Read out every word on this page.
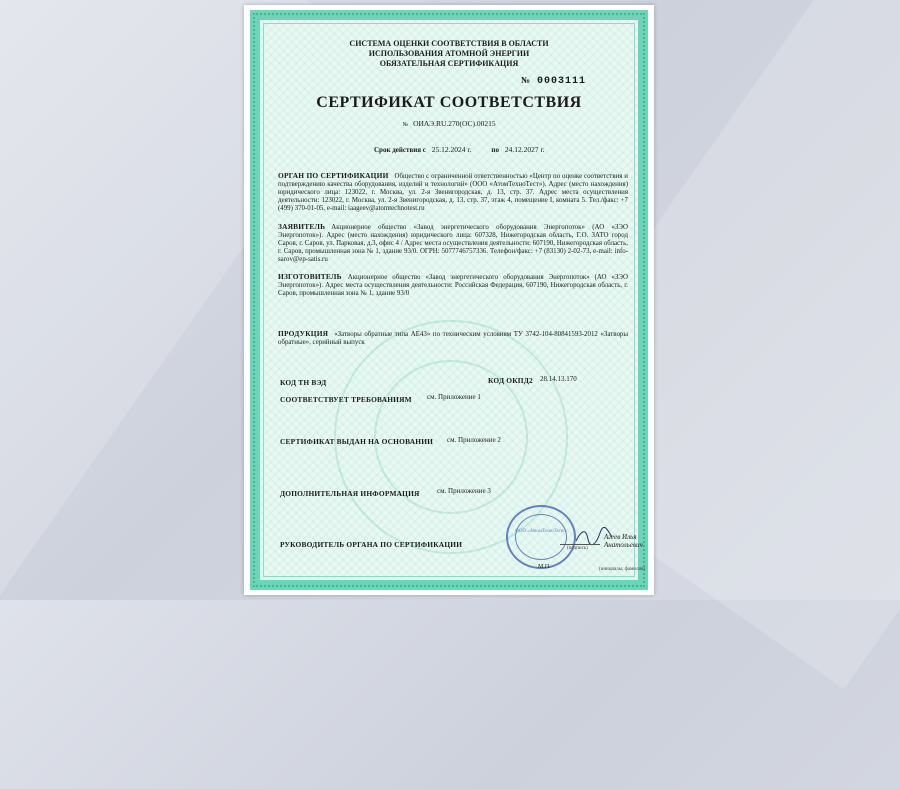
СИСТЕМА ОЦЕНКИ СООТВЕТСТВИЯ В ОБЛАСТИ
ИСПОЛЬЗОВАНИЯ АТОМНОЙ ЭНЕРГИИ
ОБЯЗАТЕЛЬНАЯ СЕРТИФИКАЦИЯ
№ 0003111
СЕРТИФИКАТ СООТВЕТСТВИЯ
№ ОИАЭ.RU.270(ОС).00215
Срок действия с 25.12.2024 г.	по 24.12.2027 г.
ОРГАН ПО СЕРТИФИКАЦИИ Общество с ограниченной ответственностью «Центр по оценке соответствия и подтверждению качества оборудования, изделий и технологий» (ООО «АтомТехноТест»). Адрес (место нахождения) юридического лица: 123022, г. Москва, ул. 2-я Звенигородская, д. 13, стр. 37. Адрес места осуществления деятельности: 123022, г. Москва, ул. 2-я Звенигородская, д. 13, стр. 37, этаж 4, помещение I, комната 5. Тел./факс: +7 (499) 370-01-05, e-mail: iaageev@atomtechnotest.ru
ЗАЯВИТЕЛЬ Акционерное общество «Завод энергетического оборудования Энергопоток» (АО «ЗЭО Энергопоток»). Адрес (место нахождения) юридического лица: 607328, Нижегородская область, Г.О. ЗАТО город Саров, г. Саров, ул. Парковая, д.3, офис 4 / Адрес места осуществления деятельности: 607190, Нижегородская область, г. Саров, промышленная зона № 1, здание 93/0. ОГРН: 5077746757336. Телефон/факс: +7 (83130) 2-02-73, e-mail: info-sarov@ep-satis.ru
ИЗГОТОВИТЕЛЬ Акционерное общество «Завод энергетического оборудования Энергопоток» (АО «ЗЭО Энергопоток»). Адрес места осуществления деятельности: Российская Федерация, 607190, Нижегородская область, г. Саров, промышленная зона № 1, здание 93/0
ПРОДУКЦИЯ «Затворы обратные типа АЕ43» по техническим условиям ТУ 3742-104-80841593-2012 «Затворы обратные», серийный выпуск
КОД ТН ВЭД	КОД ОКПД2 28.14.13.170
СООТВЕТСТВУЕТ ТРЕБОВАНИЯМ см. Приложение 1
СЕРТИФИКАТ ВЫДАН НА ОСНОВАНИИ см. Приложение 2
ДОПОЛНИТЕЛЬНАЯ ИНФОРМАЦИЯ см. Приложение 3
РУКОВОДИТЕЛЬ ОРГАНА ПО СЕРТИФИКАЦИИ
ООО «АтомТехноТест»
(подпись)
Агеев Илья Анатольевич
(инициалы, фамилия)
М.П.
